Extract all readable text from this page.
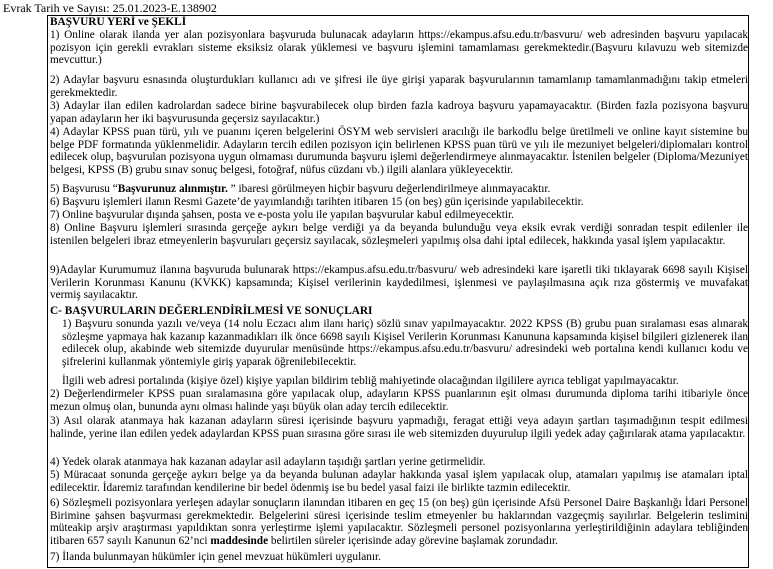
Evrak Tarih ve Sayısı: 25.01.2023-E.138902
BAŞVURU YERİ ve ŞEKLİ
1) Online olarak ilanda yer alan pozisyonlara başvuruda bulunacak adayların https://ekampus.afsu.edu.tr/basvuru/ web adresinden başvuru yapılacak pozisyon için gerekli evrakları sisteme eksiksiz olarak yüklemesi ve başvuru işlemini tamamlaması gerekmektedir.(Başvuru kılavuzu web sitemizde mevcuttur.)
2) Adaylar başvuru esnasında oluşturdukları kullanıcı adı ve şifresi ile üye girişi yaparak başvurularının tamamlanıp tamamlanmadığını takip etmeleri gerekmektedir.
3) Adaylar ilan edilen kadrolardan sadece birine başvurabilecek olup birden fazla kadroya başvuru yapamayacaktır. (Birden fazla pozisyona başvuru yapan adayların her iki başvurusunda geçersiz sayılacaktır.)
4) Adaylar KPSS puan türü, yılı ve puanını içeren belgelerini ÖSYM web servisleri aracılığı ile barkodlu belge üretilmeli ve online kayıt sistemine bu belge PDF formatında yüklenmelidir. Adayların tercih edilen pozisyon için belirlenen KPSS puan türü ve yılı ile mezuniyet belgeleri/diplomaları kontrol edilecek olup, başvurulan pozisyona uygun olmaması durumunda başvuru işlemi değerlendirmeye alınmayacaktır. İstenilen belgeler (Diploma/Mezuniyet belgesi, KPSS (B) grubu sınav sonuç belgesi, fotoğraf, nüfus cüzdanı vb.) ilgili alanlara yükleyecektir.
5) Başvurusu “Başvurunuz alınmıştır. ” ibaresi görülmeyen hiçbir başvuru değerlendirilmeye alınmayacaktır.
6) Başvuru işlemleri ilanın Resmi Gazete’de yayımlandığı tarihten itibaren 15 (on beş) gün içerisinde yapılabilecektir.
7) Online başvurular dışında şahsen, posta ve e-posta yolu ile yapılan başvurular kabul edilmeyecektir.
8) Online Başvuru işlemleri sırasında gerçeğe aykırı belge verdiği ya da beyanda bulunduğu veya eksik evrak verdiği sonradan tespit edilenler ile istenilen belgeleri ibraz etmeyenlerin başvuruları geçersiz sayılacak, sözleşmeleri yapılmış olsa dahi iptal edilecek, hakkında yasal işlem yapılacaktır.
9)Adaylar Kurumumuz ilanına başvuruda bulunarak https://ekampus.afsu.edu.tr/basvuru/ web adresindeki kare işaretli tiki tıklayarak 6698 sayılı Kişisel Verilerin Korunması Kanunu (KVKK) kapsamında; Kişisel verilerinin kaydedilmesi, işlenmesi ve paylaşılmasına açık rıza göstermiş ve muvafakat vermiş sayılacaktır.
C- BAŞVURULARIN DEĞERLENDİRİLMESİ VE SONUÇLARI
1) Başvuru sonunda yazılı ve/veya (14 nolu Eczacı alım ilanı hariç) sözlü sınav yapılmayacaktır. 2022 KPSS (B) grubu puan sıralaması esas alınarak sözleşme yapmaya hak kazanıp kazanmadıkları ilk önce 6698 sayılı Kişisel Verilerin Korunması Kanununa kapsamında kişisel bilgileri gizlenerek ilan edilecek olup, akabinde web sitemizde duyurular menüsünde https://ekampus.afsu.edu.tr/basvuru/ adresindeki web portalına kendi kullanıcı kodu ve şifrelerini kullanmak yöntemiyle giriş yaparak öğrenilebilecektir.
İlgili web adresi portalında (kişiye özel) kişiye yapılan bildirim tebliğ mahiyetinde olacağından ilgililere ayrıca tebligat yapılmayacaktır.
2) Değerlendirmeler KPSS puan sıralamasına göre yapılacak olup, adayların KPSS puanlarının eşit olması durumunda diploma tarihi itibariyle önce mezun olmuş olan, bununda aynı olması halinde yaşı büyük olan aday tercih edilecektir.
3) Asıl olarak atanmaya hak kazanan adayların süresi içerisinde başvuru yapmadığı, feragat ettiği veya adayın şartları taşımadığının tespit edilmesi halinde, yerine ilan edilen yedek adaylardan KPSS puan sırasına göre sırası ile web sitemizden duyurulup ilgili yedek aday çağırılarak atama yapılacaktır.
4) Yedek olarak atanmaya hak kazanan adaylar asil adayların taşıdığı şartları yerine getirmelidir.
5) Müracaat sonunda gerçeğe aykırı belge ya da beyanda bulunan adaylar hakkında yasal işlem yapılacak olup, atamaları yapılmış ise atamaları iptal edilecektir. İdaremiz tarafından kendilerine bir bedel ödenmiş ise bu bedel yasal faizi ile birlikte tazmin edilecektir.
6) Sözleşmeli pozisyonlara yerleşen adaylar sonuçların ilanından itibaren en geç 15 (on beş) gün içerisinde Afsü Personel Daire Başkanlığı İdari Personel Birimine şahsen başvurması gerekmektedir. Belgelerini süresi içerisinde teslim etmeyenler bu haklarından vazgeçmiş sayılırlar. Belgelerin teslimini müteakip arşiv araştırması yapıldıktan sonra yerleştirme işlemi yapılacaktır. Sözleşmeli personel pozisyonlarına yerleştirildiğinin adaylara tebliğinden itibaren 657 sayılı Kanunun 62’nci maddesinde belirtilen süreler içerisinde aday görevine başlamak zorundadır.
7) İlanda bulunmayan hükümler için genel mevzuat hükümleri uygulanır.
